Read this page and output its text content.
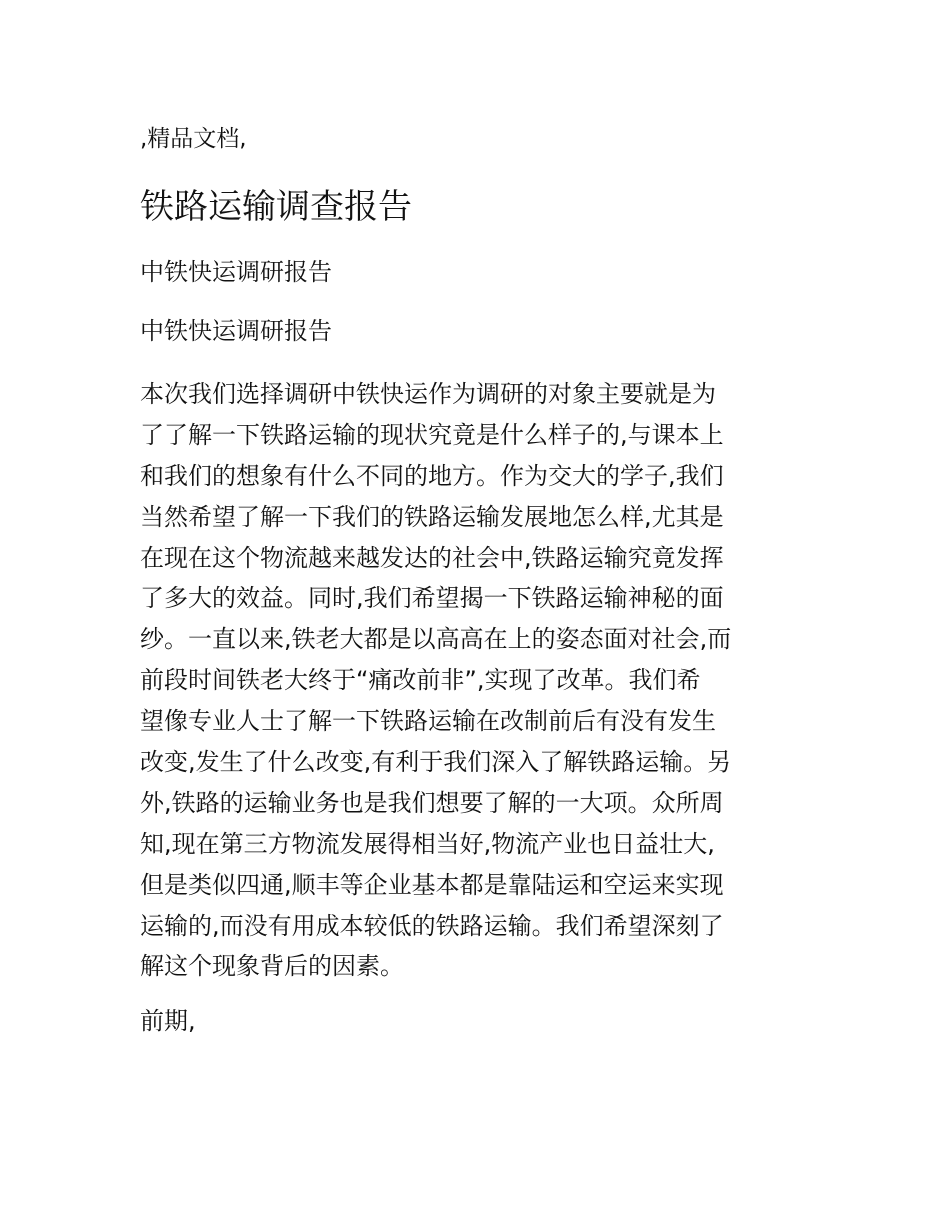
,精品文档,
铁路运输调查报告
中铁快运调研报告
中铁快运调研报告

本次我们选择调研中铁快运作为调研的对象主要就是为
了了解一下铁路运输的现状究竟是什么样子的,与课本上
和我们的想象有什么不同的地方。作为交大的学子,我们
当然希望了解一下我们的铁路运输发展地怎么样,尤其是
在现在这个物流越来越发达的社会中,铁路运输究竟发挥
了多大的效益。同时,我们希望揭一下铁路运输神秘的面
纱。一直以来,铁老大都是以高高在上的姿态面对社会,而
前段时间铁老大终于“痛改前非”,实现了改革。我们希
望像专业人士了解一下铁路运输在改制前后有没有发生
改变,发生了什么改变,有利于我们深入了解铁路运输。另
外,铁路的运输业务也是我们想要了解的一大项。众所周
知,现在第三方物流发展得相当好,物流产业也日益壮大,
但是类似四通,顺丰等企业基本都是靠陆运和空运来实现
运输的,而没有用成本较低的铁路运输。我们希望深刻了
解这个现象背后的因素。

前期,
